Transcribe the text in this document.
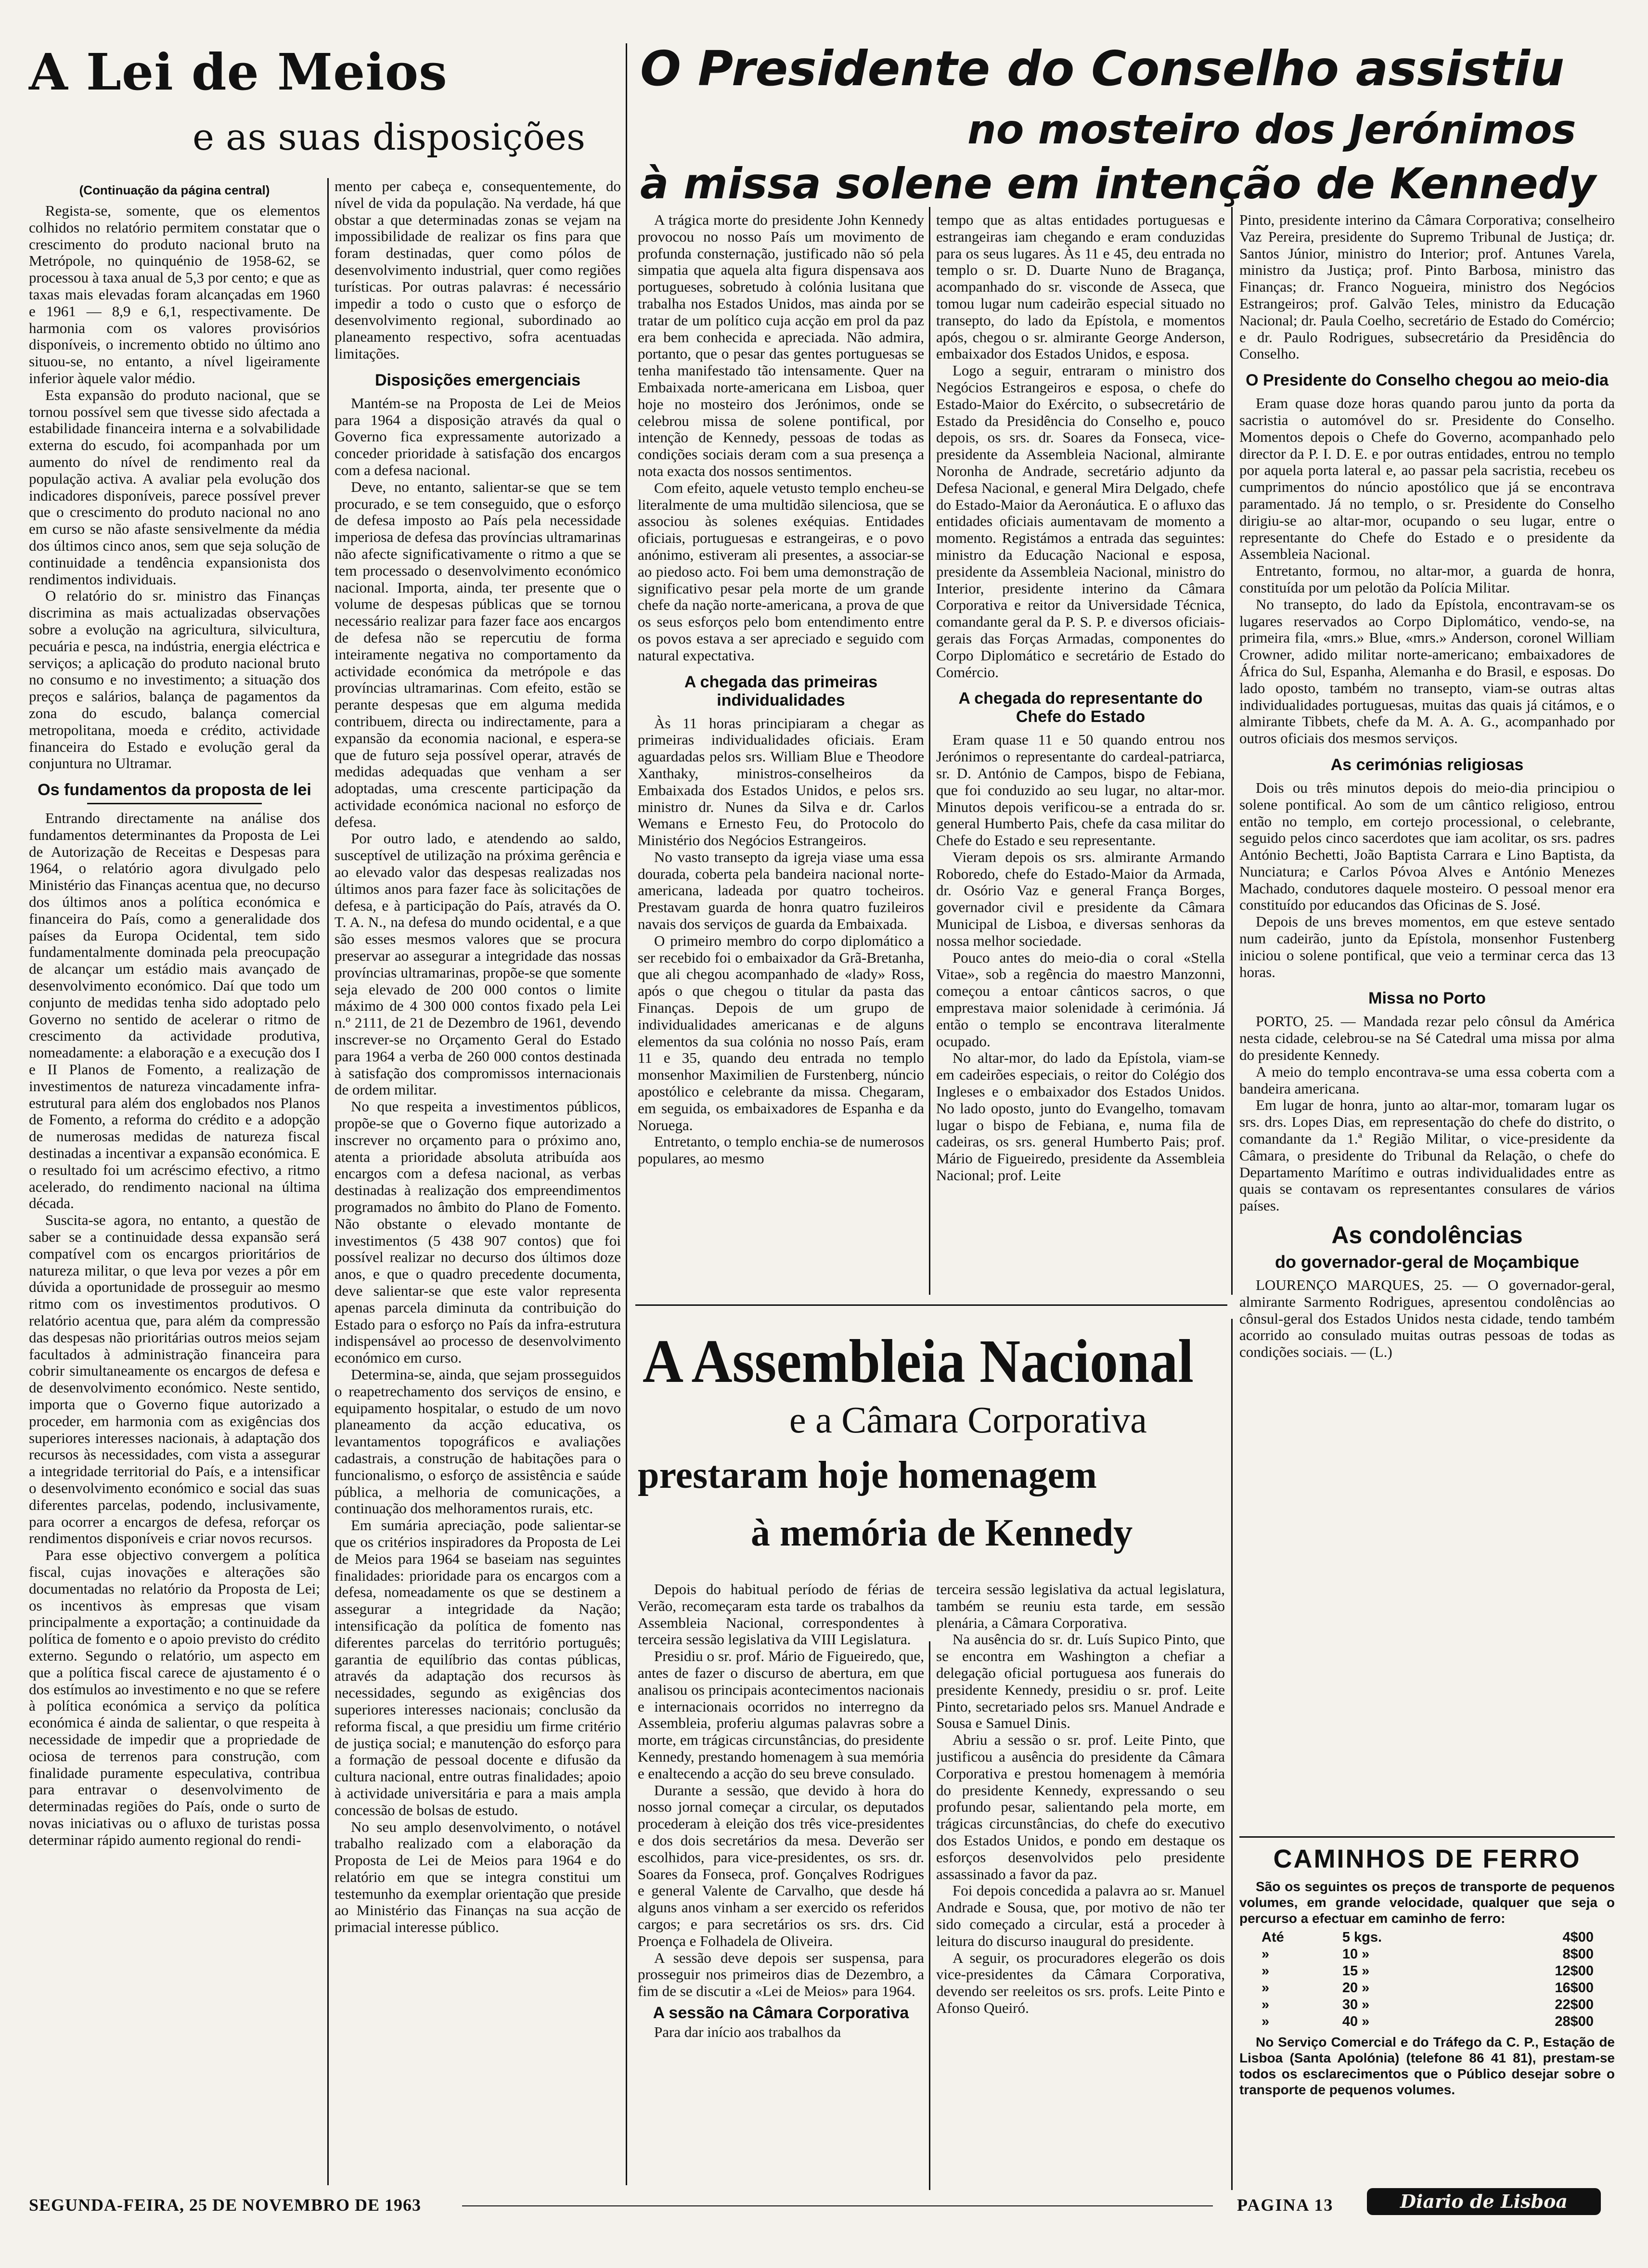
A Lei de Meios
e as suas disposições
O Presidente do Conselho assistiu
no mosteiro dos Jerónimos
à missa solene em intenção de Kennedy
(Continuação da página central)

Regista-se, somente, que os elementos colhidos no relatório permitem constatar que o crescimento do produto nacional bruto na Metrópole, no quinquénio de 1958-62, se processou à taxa anual de 5,3 por cento; e que as taxas mais elevadas foram alcançadas em 1960 e 1961 — 8,9 e 6,1, respectivamente. De harmonia com os valores provisórios disponíveis, o incremento obtido no último ano situou-se, no entanto, a nível ligeiramente inferior àquele valor médio.

Esta expansão do produto nacional, que se tornou possível sem que tivesse sido afectada a estabilidade financeira interna e a solvabilidade externa do escudo, foi acompanhada por um aumento do nível de rendimento real da população activa. A avaliar pela evolução dos indicadores disponíveis, parece possível prever que o crescimento do produto nacional no ano em curso se não afaste sensivelmente da média dos últimos cinco anos, sem que seja solução de continuidade a tendência expansionista dos rendimentos individuais.

O relatório do sr. ministro das Finanças discrimina as mais actualizadas observações sobre a evolução na agricultura, silvicultura, pecuária e pesca, na indústria, energia eléctrica e serviços; a aplicação do produto nacional bruto no consumo e no investimento; a situação dos preços e salários, balança de pagamentos da zona do escudo, balança comercial metropolitana, moeda e crédito, actividade financeira do Estado e evolução geral da conjuntura no Ultramar.

Os fundamentos da proposta de lei

Entrando directamente na análise dos fundamentos determinantes da Proposta de Lei de Autorização de Receitas e Despesas para 1964, o relatório agora divulgado pelo Ministério das Finanças acentua que, no decurso dos últimos anos a política económica e financeira do País, como a generalidade dos países da Europa Ocidental, tem sido fundamentalmente dominada pela preocupação de alcançar um estádio mais avançado de desenvolvimento económico. Daí que todo um conjunto de medidas tenha sido adoptado pelo Governo no sentido de acelerar o ritmo de crescimento da actividade produtiva, nomeadamente: a elaboração e a execução dos I e II Planos de Fomento, a realização de investimentos de natureza vincadamente infra-estrutural para além dos englobados nos Planos de Fomento, a reforma do crédito e a adopção de numerosas medidas de natureza fiscal destinadas a incentivar a expansão económica. E o resultado foi um acréscimo efectivo, a ritmo acelerado, do rendimento nacional na última década.

Suscita-se agora, no entanto, a questão de saber se a continuidade dessa expansão será compatível com os encargos prioritários de natureza militar, o que leva por vezes a pôr em dúvida a oportunidade de prosseguir ao mesmo ritmo com os investimentos produtivos. O relatório acentua que, para além da compressão das despesas não prioritárias outros meios sejam facultados à administração financeira para cobrir simultaneamente os encargos de defesa e de desenvolvimento económico. Neste sentido, importa que o Governo fique autorizado a proceder, em harmonia com as exigências dos superiores interesses nacionais, à adaptação dos recursos às necessidades, com vista a assegurar a integridade territorial do País, e a intensificar o desenvolvimento económico e social das suas diferentes parcelas, podendo, inclusivamente, para ocorrer a encargos de defesa, reforçar os rendimentos disponíveis e criar novos recursos.

Para esse objectivo convergem a política fiscal, cujas inovações e alterações são documentadas no relatório da Proposta de Lei; os incentivos às empresas que visam principalmente a exportação; a continuidade da política de fomento e o apoio previsto do crédito externo. Segundo o relatório, um aspecto em que a política fiscal carece de ajustamento é o dos estímulos ao investimento e no que se refere à política económica a serviço da política económica é ainda de salientar, o que respeita à necessidade de impedir que a propriedade de ociosa de terrenos para construção, com finalidade puramente especulativa, contribua para entravar o desenvolvimento de determinadas regiões do País, onde o surto de novas iniciativas ou o afluxo de turistas possa determinar rápido aumento regional do rendi-

mento per cabeça e, consequentemente, do nível de vida da população. Na verdade, há que obstar a que determinadas zonas se vejam na impossibilidade de realizar os fins para que foram destinadas, quer como pólos de desenvolvimento industrial, quer como regiões turísticas. Por outras palavras: é necessário impedir a todo o custo que o esforço de desenvolvimento regional, subordinado ao planeamento respectivo, sofra acentuadas limitações.

Disposições emergenciais

Mantém-se na Proposta de Lei de Meios para 1964 a disposição através da qual o Governo fica expressamente autorizado a conceder prioridade à satisfação dos encargos com a defesa nacional.

Deve, no entanto, salientar-se que se tem procurado, e se tem conseguido, que o esforço de defesa imposto ao País pela necessidade imperiosa de defesa das províncias ultramarinas não afecte significativamente o ritmo a que se tem processado o desenvolvimento económico nacional. Importa, ainda, ter presente que o volume de despesas públicas que se tornou necessário realizar para fazer face aos encargos de defesa não se repercutiu de forma inteiramente negativa no comportamento da actividade económica da metrópole e das províncias ultramarinas. Com efeito, estão se perante despesas que em alguma medida contribuem, directa ou indirectamente, para a expansão da economia nacional, e espera-se que de futuro seja possível operar, através de medidas adequadas que venham a ser adoptadas, uma crescente participação da actividade económica nacional no esforço de defesa.

Por outro lado, e atendendo ao saldo, susceptível de utilização na próxima gerência e ao elevado valor das despesas realizadas nos últimos anos para fazer face às solicitações de defesa, e à participação do País, através da O. T. A. N., na defesa do mundo ocidental, e a que são esses mesmos valores que se procura preservar ao assegurar a integridade das nossas províncias ultramarinas, propõe-se que somente seja elevado de 200 000 contos o limite máximo de 4 300 000 contos fixado pela Lei n.º 2111, de 21 de Dezembro de 1961, devendo inscrever-se no Orçamento Geral do Estado para 1964 a verba de 260 000 contos destinada à satisfação dos compromissos internacionais de ordem militar.

No que respeita a investimentos públicos, propõe-se que o Governo fique autorizado a inscrever no orçamento para o próximo ano, atenta a prioridade absoluta atribuída aos encargos com a defesa nacional, as verbas destinadas à realização dos empreendimentos programados no âmbito do Plano de Fomento. Não obstante o elevado montante de investimentos (5 438 907 contos) que foi possível realizar no decurso dos últimos doze anos, e que o quadro precedente documenta, deve salientar-se que este valor representa apenas parcela diminuta da contribuição do Estado para o esforço no País da infra-estrutura indispensável ao processo de desenvolvimento económico em curso.

Determina-se, ainda, que sejam prosseguidos o reapetrechamento dos serviços de ensino, e equipamento hospitalar, o estudo de um novo planeamento da acção educativa, os levantamentos topográficos e avaliações cadastrais, a construção de habitações para o funcionalismo, o esforço de assistência e saúde pública, a melhoria de comunicações, a continuação dos melhoramentos rurais, etc.

Em sumária apreciação, pode salientar-se que os critérios inspiradores da Proposta de Lei de Meios para 1964 se baseiam nas seguintes finalidades: prioridade para os encargos com a defesa, nomeadamente os que se destinem a assegurar a integridade da Nação; intensificação da política de fomento nas diferentes parcelas do território português; garantia de equilíbrio das contas públicas, através da adaptação dos recursos às necessidades, segundo as exigências dos superiores interesses nacionais; conclusão da reforma fiscal, a que presidiu um firme critério de justiça social; e manutenção do esforço para a formação de pessoal docente e difusão da cultura nacional, entre outras finalidades; apoio à actividade universitária e para a mais ampla concessão de bolsas de estudo.

No seu amplo desenvolvimento, o notável trabalho realizado com a elaboração da Proposta de Lei de Meios para 1964 e do relatório em que se integra constitui um testemunho da exemplar orientação que preside ao Ministério das Finanças na sua acção de primacial interesse público.

A trágica morte do presidente John Kennedy provocou no nosso País um movimento de profunda consternação, justificado não só pela simpatia que aquela alta figura dispensava aos portugueses, sobretudo à colónia lusitana que trabalha nos Estados Unidos, mas ainda por se tratar de um político cuja acção em prol da paz era bem conhecida e apreciada. Não admira, portanto, que o pesar das gentes portuguesas se tenha manifestado tão intensamente. Quer na Embaixada norte-americana em Lisboa, quer hoje no mosteiro dos Jerónimos, onde se celebrou missa de solene pontifical, por intenção de Kennedy, pessoas de todas as condições sociais deram com a sua presença a nota exacta dos nossos sentimentos.

Com efeito, aquele vetusto templo encheu-se literalmente de uma multidão silenciosa, que se associou às solenes exéquias. Entidades oficiais, portuguesas e estrangeiras, e o povo anónimo, estiveram ali presentes, a associar-se ao piedoso acto. Foi bem uma demonstração de significativo pesar pela morte de um grande chefe da nação norte-americana, a prova de que os seus esforços pelo bom entendimento entre os povos estava a ser apreciado e seguido com natural expectativa.

A chegada das primeiras individualidades

Às 11 horas principiaram a chegar as primeiras individualidades oficiais. Eram aguardadas pelos srs. William Blue e Theodore Xanthaky, ministros-conselheiros da Embaixada dos Estados Unidos, e pelos srs. ministro dr. Nunes da Silva e dr. Carlos Wemans e Ernesto Feu, do Protocolo do Ministério dos Negócios Estrangeiros.

No vasto transepto da igreja viase uma essa dourada, coberta pela bandeira nacional norte-americana, ladeada por quatro tocheiros. Prestavam guarda de honra quatro fuzileiros navais dos serviços de guarda da Embaixada.

O primeiro membro do corpo diplomático a ser recebido foi o embaixador da Grã-Bretanha, que ali chegou acompanhado de «lady» Ross, após o que chegou o titular da pasta das Finanças. Depois de um grupo de individualidades americanas e de alguns elementos da sua colónia no nosso País, eram 11 e 35, quando deu entrada no templo monsenhor Maximilien de Furstenberg, núncio apostólico e celebrante da missa. Chegaram, em seguida, os embaixadores de Espanha e da Noruega.

Entretanto, o templo enchia-se de numerosos populares, ao mesmo

tempo que as altas entidades portuguesas e estrangeiras iam chegando e eram conduzidas para os seus lugares. Às 11 e 45, deu entrada no templo o sr. D. Duarte Nuno de Bragança, acompanhado do sr. visconde de Asseca, que tomou lugar num cadeirão especial situado no transepto, do lado da Epístola, e momentos após, chegou o sr. almirante George Anderson, embaixador dos Estados Unidos, e esposa.

Logo a seguir, entraram o ministro dos Negócios Estrangeiros e esposa, o chefe do Estado-Maior do Exército, o subsecretário de Estado da Presidência do Conselho e, pouco depois, os srs. dr. Soares da Fonseca, vice-presidente da Assembleia Nacional, almirante Noronha de Andrade, secretário adjunto da Defesa Nacional, e general Mira Delgado, chefe do Estado-Maior da Aeronáutica. E o afluxo das entidades oficiais aumentavam de momento a momento. Registámos a entrada das seguintes: ministro da Educação Nacional e esposa, presidente da Assembleia Nacional, ministro do Interior, presidente interino da Câmara Corporativa e reitor da Universidade Técnica, comandante geral da P. S. P. e diversos oficiais-gerais das Forças Armadas, componentes do Corpo Diplomático e secretário de Estado do Comércio.

A chegada do representante do Chefe do Estado

Eram quase 11 e 50 quando entrou nos Jerónimos o representante do cardeal-patriarca, sr. D. António de Campos, bispo de Febiana, que foi conduzido ao seu lugar, no altar-mor. Minutos depois verificou-se a entrada do sr. general Humberto Pais, chefe da casa militar do Chefe do Estado e seu representante.

Vieram depois os srs. almirante Armando Roboredo, chefe do Estado-Maior da Armada, dr. Osório Vaz e general França Borges, governador civil e presidente da Câmara Municipal de Lisboa, e diversas senhoras da nossa melhor sociedade.

Pouco antes do meio-dia o coral «Stella Vitae», sob a regência do maestro Manzonni, começou a entoar cânticos sacros, o que emprestava maior solenidade à cerimónia. Já então o templo se encontrava literalmente ocupado.

No altar-mor, do lado da Epístola, viam-se em cadeirões especiais, o reitor do Colégio dos Ingleses e o embaixador dos Estados Unidos. No lado oposto, junto do Evangelho, tomavam lugar o bispo de Febiana, e, numa fila de cadeiras, os srs. general Humberto Pais; prof. Mário de Figueiredo, presidente da Assembleia Nacional; prof. Leite

Pinto, presidente interino da Câmara Corporativa; conselheiro Vaz Pereira, presidente do Supremo Tribunal de Justiça; dr. Santos Júnior, ministro do Interior; prof. Antunes Varela, ministro da Justiça; prof. Pinto Barbosa, ministro das Finanças; dr. Franco Nogueira, ministro dos Negócios Estrangeiros; prof. Galvão Teles, ministro da Educação Nacional; dr. Paula Coelho, secretário de Estado do Comércio; e dr. Paulo Rodrigues, subsecretário da Presidência do Conselho.

O Presidente do Conselho chegou ao meio-dia

Eram quase doze horas quando parou junto da porta da sacristia o automóvel do sr. Presidente do Conselho. Momentos depois o Chefe do Governo, acompanhado pelo director da P. I. D. E. e por outras entidades, entrou no templo por aquela porta lateral e, ao passar pela sacristia, recebeu os cumprimentos do núncio apostólico que já se encontrava paramentado. Já no templo, o sr. Presidente do Conselho dirigiu-se ao altar-mor, ocupando o seu lugar, entre o representante do Chefe do Estado e o presidente da Assembleia Nacional.

Entretanto, formou, no altar-mor, a guarda de honra, constituída por um pelotão da Polícia Militar.

No transepto, do lado da Epístola, encontravam-se os lugares reservados ao Corpo Diplomático, vendo-se, na primeira fila, «mrs.» Blue, «mrs.» Anderson, coronel William Crowner, adido militar norte-americano; embaixadores de África do Sul, Espanha, Alemanha e do Brasil, e esposas. Do lado oposto, também no transepto, viam-se outras altas individualidades portuguesas, muitas das quais já citámos, e o almirante Tibbets, chefe da M. A. A. G., acompanhado por outros oficiais dos mesmos serviços.

As cerimónias religiosas

Dois ou três minutos depois do meio-dia principiou o solene pontifical. Ao som de um cântico religioso, entrou então no templo, em cortejo processional, o celebrante, seguido pelos cinco sacerdotes que iam acolitar, os srs. padres António Bechetti, João Baptista Carrara e Lino Baptista, da Nunciatura; e Carlos Póvoa Alves e António Menezes Machado, condutores daquele mosteiro. O pessoal menor era constituído por educandos das Oficinas de S. José.

Depois de uns breves momentos, em que esteve sentado num cadeirão, junto da Epístola, monsenhor Fustenberg iniciou o solene pontifical, que veio a terminar cerca das 13 horas.

Missa no Porto

PORTO, 25. — Mandada rezar pelo cônsul da América nesta cidade, celebrou-se na Sé Catedral uma missa por alma do presidente Kennedy.

A meio do templo encontrava-se uma essa coberta com a bandeira americana.

Em lugar de honra, junto ao altar-mor, tomaram lugar os srs. drs. Lopes Dias, em representação do chefe do distrito, o comandante da 1.ª Região Militar, o vice-presidente da Câmara, o presidente do Tribunal da Relação, o chefe do Departamento Marítimo e outras individualidades entre as quais se contavam os representantes consulares de vários países.

As condolências
do governador-geral de Moçambique

LOURENÇO MARQUES, 25. — O governador-geral, almirante Sarmento Rodrigues, apresentou condolências ao cônsul-geral dos Estados Unidos nesta cidade, tendo também acorrido ao consulado muitas outras pessoas de todas as condições sociais. — (L.)

CAMINHOS DE FERRO

São os seguintes os preços de transporte de pequenos volumes, em grande velocidade, qualquer que seja o percurso a efectuar em caminho de ferro:

Até	5 kgs.	4$00
»	10 »	8$00
»	15 »	12$00
»	20 »	16$00
»	30 »	22$00
»	40 »	28$00

No Serviço Comercial e do Tráfego da C. P., Estação de Lisboa (Santa Apolónia) (telefone 86 41 81), prestam-se todos os esclarecimentos que o Público desejar sobre o transporte de pequenos volumes.

A Assembleia Nacional
e a Câmara Corporativa
prestaram hoje homenagem
à memória de Kennedy

Depois do habitual período de férias de Verão, recomeçaram esta tarde os trabalhos da Assembleia Nacional, correspondentes à terceira sessão legislativa da VIII Legislatura.

Presidiu o sr. prof. Mário de Figueiredo, que, antes de fazer o discurso de abertura, em que analisou os principais acontecimentos nacionais e internacionais ocorridos no interregno da Assembleia, proferiu algumas palavras sobre a morte, em trágicas circunstâncias, do presidente Kennedy, prestando homenagem à sua memória e enaltecendo a acção do seu breve consulado.

Durante a sessão, que devido à hora do nosso jornal começar a circular, os deputados procederam à eleição dos três vice-presidentes e dos dois secretários da mesa. Deverão ser escolhidos, para vice-presidentes, os srs. dr. Soares da Fonseca, prof. Gonçalves Rodrigues e general Valente de Carvalho, que desde há alguns anos vinham a ser exercido os referidos cargos; e para secretários os srs. drs. Cid Proença e Folhadela de Oliveira.

A sessão deve depois ser suspensa, para prosseguir nos primeiros dias de Dezembro, a fim de se discutir a «Lei de Meios» para 1964.

A sessão na Câmara Corporativa

Para dar início aos trabalhos da

terceira sessão legislativa da actual legislatura, também se reuniu esta tarde, em sessão plenária, a Câmara Corporativa.

Na ausência do sr. dr. Luís Supico Pinto, que se encontra em Washington a chefiar a delegação oficial portuguesa aos funerais do presidente Kennedy, presidiu o sr. prof. Leite Pinto, secretariado pelos srs. Manuel Andrade e Sousa e Samuel Dinis.

Abriu a sessão o sr. prof. Leite Pinto, que justificou a ausência do presidente da Câmara Corporativa e prestou homenagem à memória do presidente Kennedy, expressando o seu profundo pesar, salientando pela morte, em trágicas circunstâncias, do chefe do executivo dos Estados Unidos, e pondo em destaque os esforços desenvolvidos pelo presidente assassinado a favor da paz.

Foi depois concedida a palavra ao sr. Manuel Andrade e Sousa, que, por motivo de não ter sido começado a circular, está a proceder à leitura do discurso inaugural do presidente.

A seguir, os procuradores elegerão os dois vice-presidentes da Câmara Corporativa, devendo ser reeleitos os srs. profs. Leite Pinto e Afonso Queiró.

SEGUNDA-FEIRA, 25 DE NOVEMBRO DE 1963	PAGINA 13	Diario de Lisboa
